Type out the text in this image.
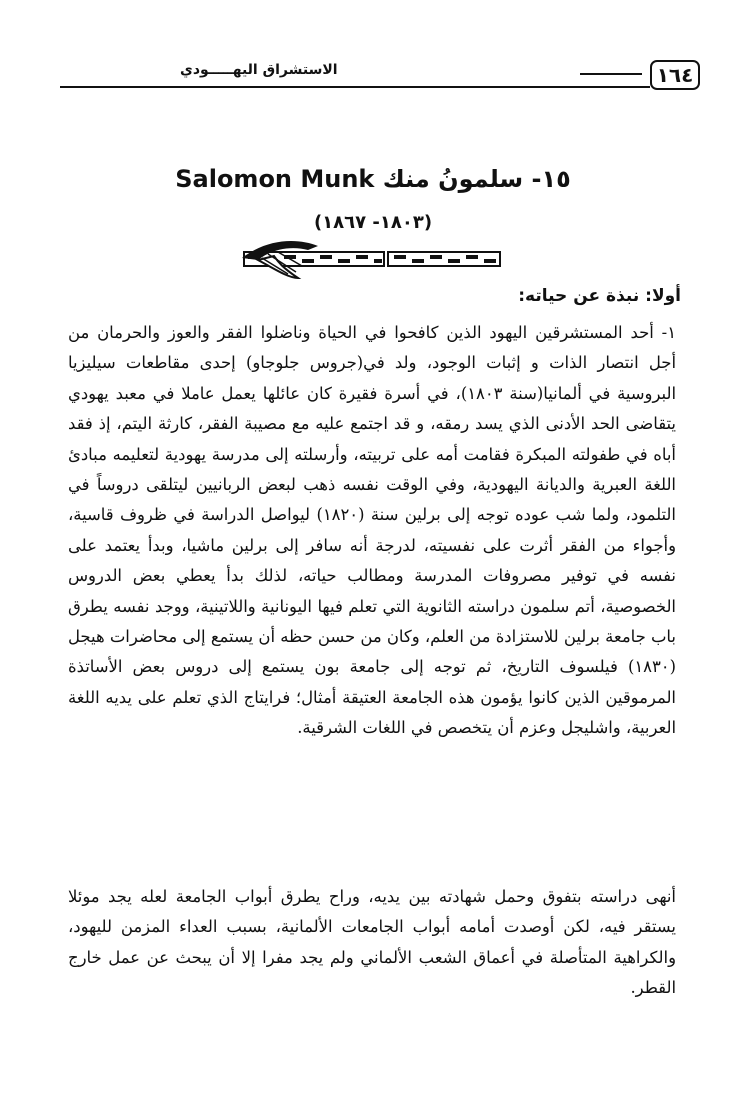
١٦٤
الاستشراق اليهـــــودي
١٥- سلمونُ منك Salomon Munk
(١٨٠٣- ١٨٦٧)
أولا: نبذة عن حياته:

١- أحد المستشرقين اليهود الذين كافحوا في الحياة وناضلوا الفقر والعوز والحرمان من أجل انتصار الذات و إثبات الوجود، ولد في(جروس جلوجاو) إحدى مقاطعات سيليزيا البروسية في ألمانيا(سنة ١٨٠٣)، في أسرة فقيرة كان عائلها يعمل عاملا في معبد يهودي يتقاضى الحد الأدنى الذي يسد رمقه، و قد اجتمع عليه مع مصيبة الفقر، كارثة اليتم، إذ فقد أباه في طفولته المبكرة فقامت أمه على تربيته، وأرسلته إلى مدرسة يهودية لتعليمه مبادئ اللغة العبرية والديانة اليهودية، وفي الوقت نفسه ذهب لبعض الربانيين ليتلقى دروساً في التلمود، ولما شب عوده توجه إلى برلين سنة (١٨٢٠) ليواصل الدراسة في ظروف قاسية، وأجواء من الفقر أثرت على نفسيته، لدرجة أنه سافر إلى برلين ماشيا، وبدأ يعتمد على نفسه في توفير مصروفات المدرسة ومطالب حياته، لذلك بدأ يعطي بعض الدروس الخصوصية، أتم سلمون دراسته الثانوية التي تعلم فيها اليونانية واللاتينية، ووجد نفسه يطرق باب جامعة برلين للاستزادة من العلم، وكان من حسن حظه أن يستمع إلى محاضرات هيجل (١٨٣٠) فيلسوف التاريخ، ثم توجه إلى جامعة بون يستمع إلى دروس بعض الأساتذة المرموقين الذين كانوا يؤمون هذه الجامعة العتيقة أمثال؛ فرايتاج الذي تعلم على يديه اللغة العربية، واشليجل وعزم أن يتخصص في اللغات الشرقية.

أنهى دراسته بتفوق وحمل شهادته بين يديه، وراح يطرق أبواب الجامعة لعله يجد موئلا يستقر فيه، لكن أوصدت أمامه أبواب الجامعات الألمانية، بسبب العداء المزمن لليهود، والكراهية المتأصلة في أعماق الشعب الألماني ولم يجد مفرا إلا أن يبحث عن عمل خارج القطر.
